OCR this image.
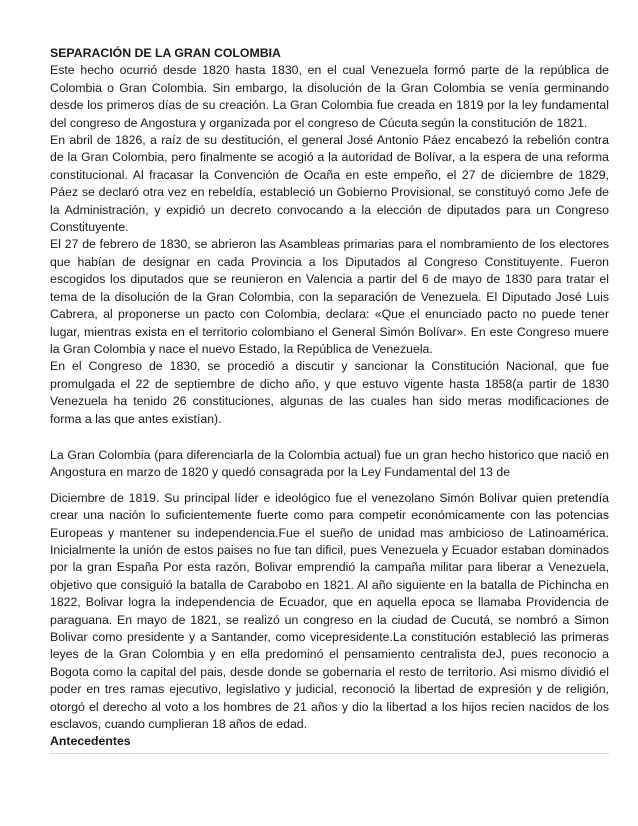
SEPARACIÓN DE LA GRAN COLOMBIA

Este hecho ocurrió desde 1820 hasta 1830, en el cual Venezuela formó parte de la república de Colombia o Gran Colombia. Sin embargo, la disolución de la Gran Colombia se venía germinando desde los primeros días de su creación. La Gran Colombia fue creada en 1819 por la ley fundamental del congreso de Angostura y organizada por el congreso de Cúcuta según la constitución de 1821.

En abril de 1826, a raíz de su destitución, el general José Antonio Páez encabezó la rebelión contra de la Gran Colombia, pero finalmente se acogió a la autoridad de Bolívar, a la espera de una reforma constitucional. Al fracasar la Convención de Ocaña en este empeño, el 27 de diciembre de 1829, Páez se declaró otra vez en rebeldía, estableció un Gobierno Provisional, se constituyó como Jefe de la Administración, y expidió un decreto convocando a la elección de diputados para un Congreso Constituyente.

El 27 de febrero de 1830, se abrieron las Asambleas primarias para el nombramiento de los electores que habían de designar en cada Provincia a los Diputados al Congreso Constituyente. Fueron escogidos los diputados que se reunieron en Valencia a partir del 6 de mayo de 1830 para tratar el tema de la disolución de la Gran Colombia, con la separación de Venezuela. El Diputado José Luis Cabrera, al proponerse un pacto con Colombia, declara: «Que el enunciado pacto no puede tener lugar, mientras exista en el territorio colombiano el General Simón Bolívar». En este Congreso muere la Gran Colombia y nace el nuevo Estado, la República de Venezuela.

En el Congreso de 1830, se procedió a discutir y sancionar la Constitución Nacional, que fue promulgada el 22 de septiembre de dicho año, y que estuvo vigente hasta 1858(a partir de 1830 Venezuela ha tenido 26 constituciones, algunas de las cuales han sido meras modificaciones de forma a las que antes existían).

La Gran Colombia (para diferenciarla de la Colombia actual) fue un gran hecho historico que nació en Angostura en marzo de 1820 y quedó consagrada por la Ley Fundamental del 13 de

Diciembre de 1819. Su principal líder e ideológico fue el venezolano Simón Bolívar quien pretendía crear una nación lo suficientemente fuerte como para competir económicamente con las potencias Europeas y mantener su independencia.Fue el sueño de unidad mas ambicioso de Latinoamérica. Inicialmente la unión de estos paises no fue tan dificil, pues Venezuela y Ecuador estaban dominados por la gran España Por esta razón, Bolivar emprendió la campaña militar para liberar a Venezuela, objetivo que consiguió la batalla de Carabobo en 1821. Al año siguiente en la batalla de Pichincha en 1822, Bolivar logra la independencia de Ecuador, que en aquella epoca se llamaba Providencia de paraguana. En mayo de 1821, se realizó un congreso en la ciudad de Cucutá, se nombró a Simon Bolivar como presidente y a Santander, como vicepresidente.La constitución estableció las primeras leyes de la Gran Colombia y en ella predominó el pensamiento centralista deJ, pues reconocio a Bogota como la capital del pais, desde donde se gobernaria el resto de territorio. Asi mismo dividió el poder en tres ramas ejecutivo, legislativo y judicial, reconoció la libertad de expresión y de religión, otorgó el derecho al voto a los hombres de 21 años y dio la libertad a los hijos recien nacidos de los esclavos, cuando cumplieran 18 años de edad.

Antecedentes
